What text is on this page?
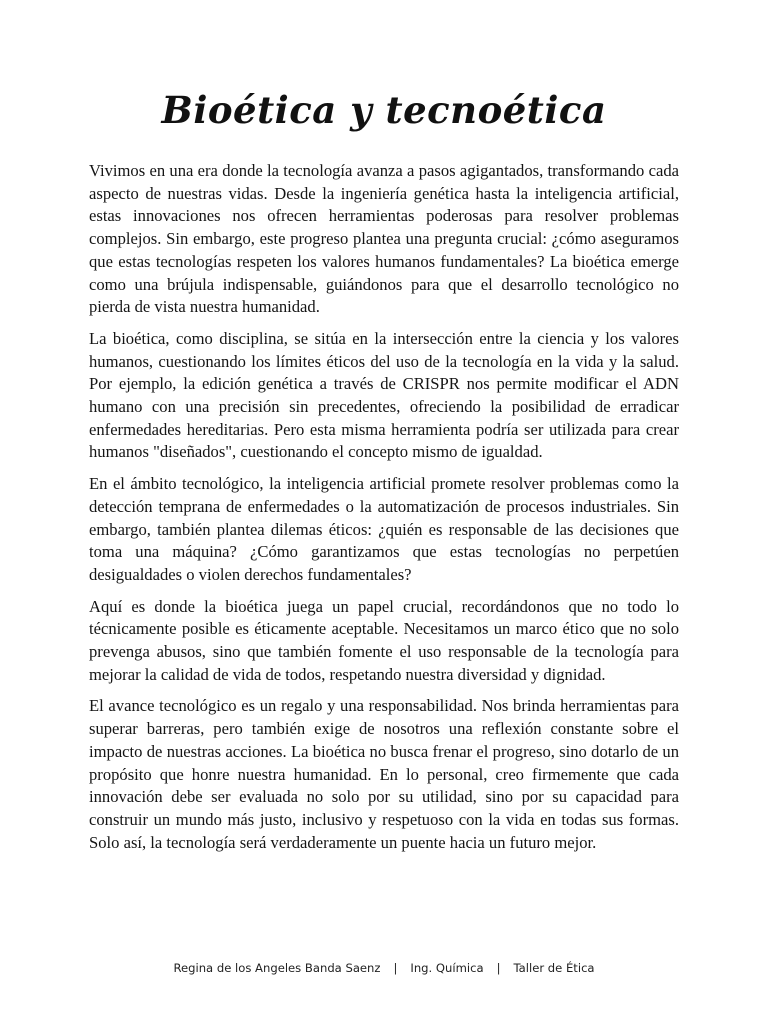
Bioética y tecnoética

Vivimos en una era donde la tecnología avanza a pasos agigantados, transformando cada aspecto de nuestras vidas. Desde la ingeniería genética hasta la inteligencia artificial, estas innovaciones nos ofrecen herramientas poderosas para resolver problemas complejos. Sin embargo, este progreso plantea una pregunta crucial: ¿cómo aseguramos que estas tecnologías respeten los valores humanos fundamentales? La bioética emerge como una brújula indispensable, guiándonos para que el desarrollo tecnológico no pierda de vista nuestra humanidad.

La bioética, como disciplina, se sitúa en la intersección entre la ciencia y los valores humanos, cuestionando los límites éticos del uso de la tecnología en la vida y la salud. Por ejemplo, la edición genética a través de CRISPR nos permite modificar el ADN humano con una precisión sin precedentes, ofreciendo la posibilidad de erradicar enfermedades hereditarias. Pero esta misma herramienta podría ser utilizada para crear humanos "diseñados", cuestionando el concepto mismo de igualdad.

En el ámbito tecnológico, la inteligencia artificial promete resolver problemas como la detección temprana de enfermedades o la automatización de procesos industriales. Sin embargo, también plantea dilemas éticos: ¿quién es responsable de las decisiones que toma una máquina? ¿Cómo garantizamos que estas tecnologías no perpetúen desigualdades o violen derechos fundamentales?

Aquí es donde la bioética juega un papel crucial, recordándonos que no todo lo técnicamente posible es éticamente aceptable. Necesitamos un marco ético que no solo prevenga abusos, sino que también fomente el uso responsable de la tecnología para mejorar la calidad de vida de todos, respetando nuestra diversidad y dignidad.

El avance tecnológico es un regalo y una responsabilidad. Nos brinda herramientas para superar barreras, pero también exige de nosotros una reflexión constante sobre el impacto de nuestras acciones. La bioética no busca frenar el progreso, sino dotarlo de un propósito que honre nuestra humanidad. En lo personal, creo firmemente que cada innovación debe ser evaluada no solo por su utilidad, sino por su capacidad para construir un mundo más justo, inclusivo y respetuoso con la vida en todas sus formas. Solo así, la tecnología será verdaderamente un puente hacia un futuro mejor.

Regina de los Angeles Banda Saenz | Ing. Química | Taller de Ética
